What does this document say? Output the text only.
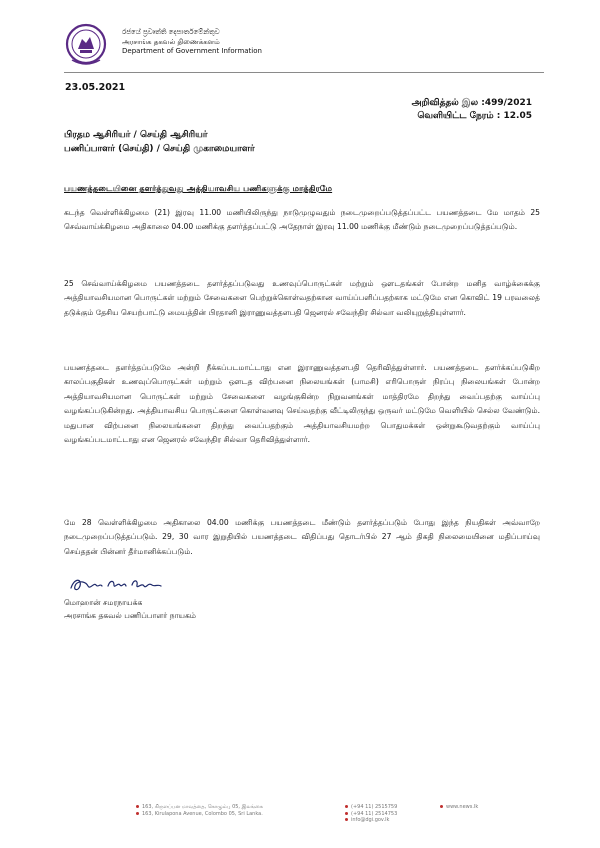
රජයේ ප්‍රවෘත්ති දෙපාර්තමේන්තුව
அரசாங்க தகவல் திணைக்களம்
Department of Government Information
23.05.2021
அறிவித்தல் இல :499/2021
வெளியிட்ட நேரம் : 12.05
பிரதம ஆசிரியர் / செய்தி ஆசிரியர்
பணிப்பாளர் (செய்தி) / செய்தி முகாமையாளர்
பயணத்தடையினை தளர்த்துவது அத்தியாவசிய பணிகளுக்கு மாத்திரமே
கடந்த வெள்ளிக்கிழமை (21) இரவு 11.00 மணியிலிருந்து நாடுமுழுவதும் நடைமுறைப்படுத்தப்பட்ட பயணத்தடை மே மாதம் 25 செவ்வாய்க்கிழமை அதிகாலை 04.00 மணிக்கு தளர்த்தப்பட்டு அதேநாள் இரவு 11.00 மணிக்கு மீண்டும் நடைமுறைப்படுத்தப்படும்.
25 செவ்வாய்க்கிழமை பயணத்தடை தளர்த்தப்படுவது உணவுப்பொருட்கள் மற்றும் ஔடதங்கள் போன்ற மனித வாழ்க்கைக்கு அத்தியாவசியமான பொருட்கள் மற்றும் சேவைகளை பெற்றுக்கொள்வதற்கான வாய்ப்பளிப்பதற்காக மட்டுமே என கொவிட் 19 பரவலைத் தடுக்கும் தேசிய செயற்பாட்டு மையத்தின் பிரதானி இராணுவத்தளபதி ஜெனரல் சவேந்திர சில்வா வலியுறுத்தியுள்ளார்.
பயணத்தடை தளர்த்தப்படுமே அன்றி நீக்கப்படமாட்டாது என இராணுவத்தளபதி தெரிவித்துள்ளார். பயணத்தடை தளர்க்கப்படுகிற காலப்பகுதிகள் உணவுப்பொருட்கள் மற்றும் ஔடத விற்பனை நிலையங்கள் (பாமசி) எரிபொருள் நிரப்பு நிலையங்கள் போன்ற அத்தியாவசியமான பொருட்கள் மற்றும் சேவைகளை வழங்குகின்ற நிறுவனங்கள் மாத்திரமே திறந்து வைப்பதற்கு வாய்ப்பு வழங்கப்படுகின்றது. அத்தியாவசிய பொருட்களை கொள்வனவு செய்வதற்கு வீட்டிலிருந்து ஒருவர் மட்டுமே வெளியில் செல்ல வேண்டும். மதுபான விற்பனை நிலையங்களை திறந்து வைப்பதற்கும் அத்தியாவசியமற்ற பொதுமக்கள் ஒன்றுகூடுவதற்கும் வாய்ப்பு வழங்கப்படமாட்டாது என ஜெனரல் சவேந்திர சில்வா தெரிவித்துள்ளார்.
மே 28 வெள்ளிக்கிழமை அதிகாலை 04.00 மணிக்கு பயணத்தடை மீண்டும் தளர்த்தப்படும் போது இந்த நியதிகள் அவ்வாறே நடைமுறைப்படுத்தப்படும். 29, 30 வார இறுதியில் பயணத்தடை விதிப்பது தொடர்பில் 27 ஆம் திகதி நிலைமையினை மதிப்பாய்வு செய்ததன் பின்னர் தீர்மானிக்கப்படும்.
மொஹான் சமரநாயக்க
அரசாங்க தகவல் பணிப்பாளர் நாயகம்
163, கிருளப்பன மாவத்தை, கொழும்பு 05, இலங்கை
163, Kirulapona Avenue, Colombo 05, Sri Lanka.
(+94 11) 2515759
(+94 11) 2514753
info@dgi.gov.lk
www.news.lk
